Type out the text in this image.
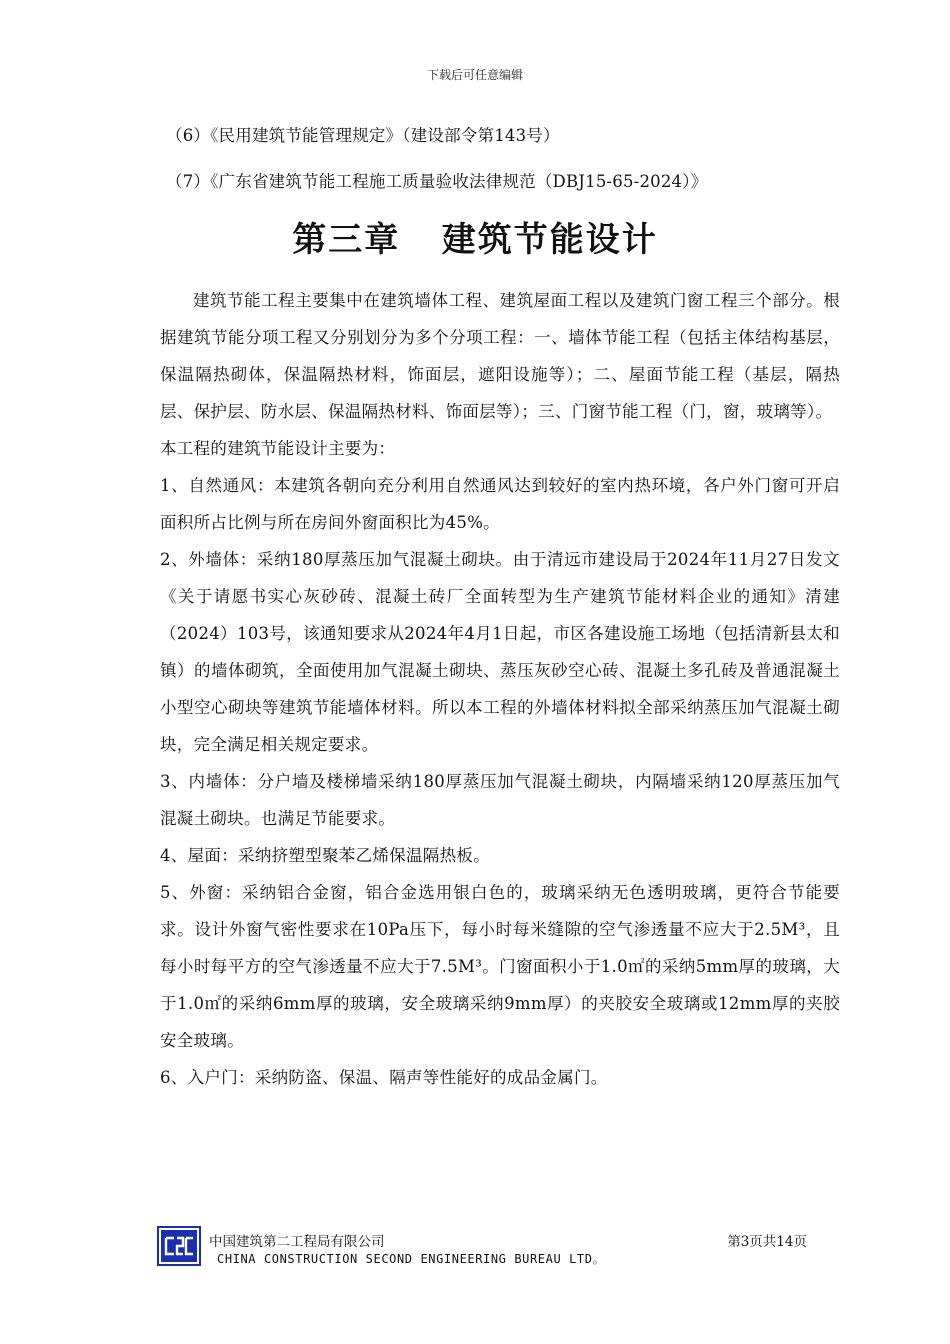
下载后可任意编辑
（6）《民用建筑节能管理规定》（建设部令第143号）
（7）《广东省建筑节能工程施工质量验收法律规范（DBJ15-65-2024）》
第三章   建筑节能设计

建筑节能工程主要集中在建筑墙体工程、建筑屋面工程以及建筑门窗工程三个部分。根据建筑节能分项工程又分别划分为多个分项工程：一、墙体节能工程（包括主体结构基层，保温隔热砌体，保温隔热材料，饰面层，遮阳设施等）；二、屋面节能工程（基层，隔热层、保护层、防水层、保温隔热材料、饰面层等）；三、门窗节能工程（门，窗，玻璃等）。

本工程的建筑节能设计主要为：

1、自然通风：本建筑各朝向充分利用自然通风达到较好的室内热环境，各户外门窗可开启面积所占比例与所在房间外窗面积比为45%。

2、外墙体：采纳180厚蒸压加气混凝土砌块。由于清远市建设局于2024年11月27日发文《关于请愿书实心灰砂砖、混凝土砖厂全面转型为生产建筑节能材料企业的通知》清建（2024）103号，该通知要求从2024年4月1日起，市区各建设施工场地（包括清新县太和镇）的墙体砌筑，全面使用加气混凝土砌块、蒸压灰砂空心砖、混凝土多孔砖及普通混凝土小型空心砌块等建筑节能墙体材料。所以本工程的外墙体材料拟全部采纳蒸压加气混凝土砌块，完全满足相关规定要求。

3、内墙体：分户墙及楼梯墙采纳180厚蒸压加气混凝土砌块，内隔墙采纳120厚蒸压加气混凝土砌块。也满足节能要求。

4、屋面：采纳挤塑型聚苯乙烯保温隔热板。

5、外窗：采纳铝合金窗，铝合金选用银白色的，玻璃采纳无色透明玻璃，更符合节能要求。设计外窗气密性要求在10Pa压下，每小时每米缝隙的空气渗透量不应大于2.5M³，且每小时每平方的空气渗透量不应大于7.5M³。门窗面积小于1.0㎡的采纳5mm厚的玻璃，大于1.0㎡的采纳6mm厚的玻璃，安全玻璃采纳9mm厚）的夹胶安全玻璃或12mm厚的夹胶安全玻璃。

6、入户门：采纳防盗、保温、隔声等性能好的成品金属门。

中国建筑第二工程局有限公司
CHINA CONSTRUCTION SECOND ENGINEERING BUREAU LTD。
第3页共14页
